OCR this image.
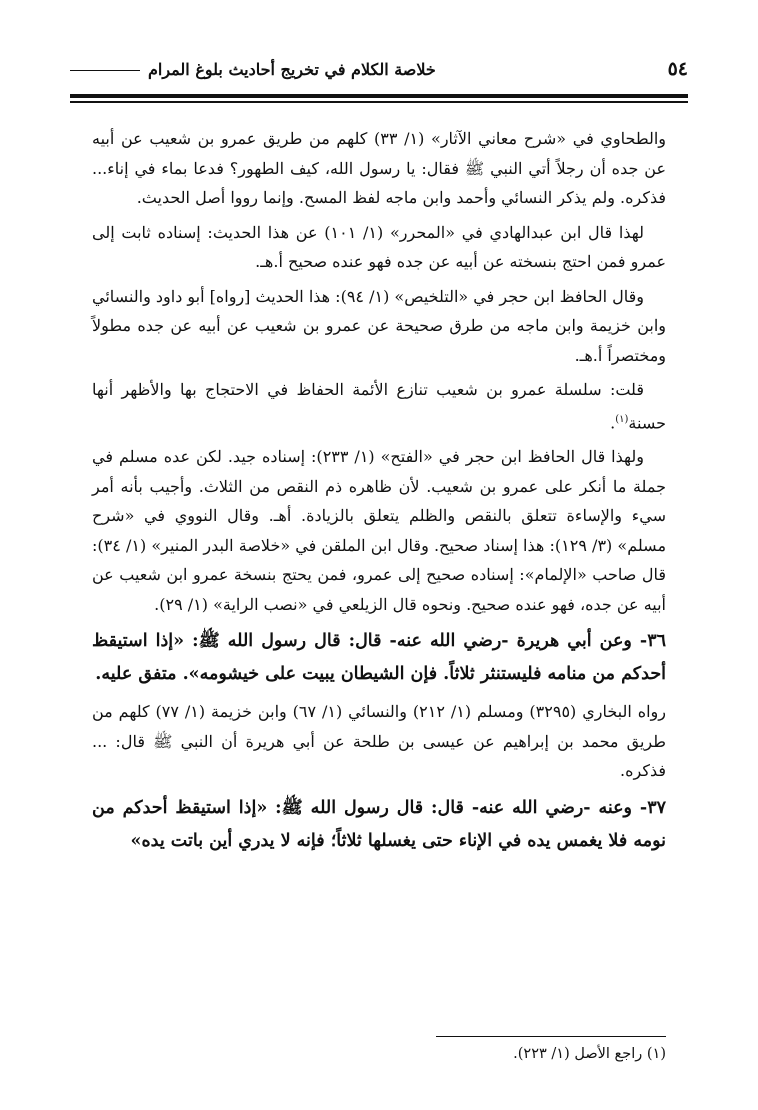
٥٤
خلاصة الكلام في تخريج أحاديث بلوغ المرام

والطحاوي في «شرح معاني الآثار» (١/ ٣٣) كلهم من طريق عمرو بن شعيب عن أبيه عن جده أن رجلاً أتي النبي ﷺ فقال: يا رسول الله، كيف الطهور؟ فدعا بماء في إناء... فذكره. ولم يذكر النسائي وأحمد وابن ماجه لفظ المسح. وإنما رووا أصل الحديث.

لهذا قال ابن عبدالهادي في «المحرر» (١/ ١٠١) عن هذا الحديث: إسناده ثابت إلى عمرو فمن احتج بنسخته عن أبيه عن جده فهو عنده صحيح أ.هـ.

وقال الحافظ ابن حجر في «التلخيص» (١/ ٩٤): هذا الحديث [رواه] أبو داود والنسائي وابن خزيمة وابن ماجه من طرق صحيحة عن عمرو بن شعيب عن أبيه عن جده مطولاً ومختصراً أ.هـ.

قلت: سلسلة عمرو بن شعيب تنازع الأئمة الحفاظ في الاحتجاج بها والأظهر أنها حسنة$^{(١)}$.

ولهذا قال الحافظ ابن حجر في «الفتح» (١/ ٢٣٣): إسناده جيد. لكن عده مسلم في جملة ما أنكر على عمرو بن شعيب. لأن ظاهره ذم النقص من الثلاث. وأجيب بأنه أمر سيء والإساءة تتعلق بالنقص والظلم يتعلق بالزيادة. أهـ. وقال النووي في «شرح مسلم» (٣/ ١٢٩): هذا إسناد صحيح. وقال ابن الملقن في «خلاصة البدر المنير» (١/ ٣٤): قال صاحب «الإلمام»: إسناده صحيح إلى عمرو، فمن يحتج بنسخة عمرو ابن شعيب عن أبيه عن جده، فهو عنده صحيح. ونحوه قال الزيلعي في «نصب الراية» (١/ ٢٩).

٣٦- وعن أبي هريرة -رضي الله عنه- قال: قال رسول الله ﷺ: «إذا استيقظ أحدكم من منامه فليستنثر ثلاثاً. فإن الشيطان يبيت على خيشومه». متفق عليه.

رواه البخاري (٣٢٩٥) ومسلم (١/ ٢١٢) والنسائي (١/ ٦٧) وابن خزيمة (١/ ٧٧) كلهم من طريق محمد بن إبراهيم عن عيسى بن طلحة عن أبي هريرة أن النبي ﷺ قال: ... فذكره.

٣٧- وعنه -رضي الله عنه- قال: قال رسول الله ﷺ: «إذا استيقظ أحدكم من نومه فلا يغمس يده في الإناء حتى يغسلها ثلاثاً؛ فإنه لا يدري أين باتت يده»

(١) راجع الأصل (١/ ٢٢٣).
